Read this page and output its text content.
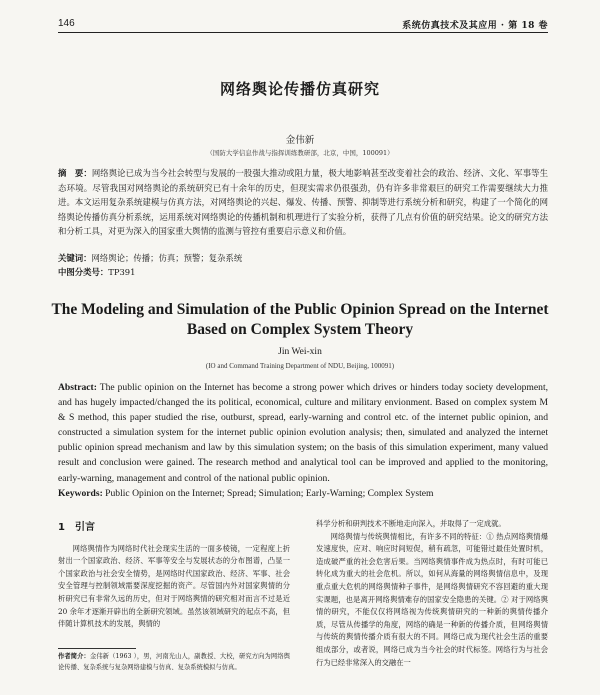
146	系统仿真技术及其应用 · 第 18 卷
网络舆论传播仿真研究
金伟新
（国防大学信息作战与指挥训练教研部，北京，中国，100091）
摘　要：网络舆论已成为当今社会转型与发展的一股强大推动或阻力量，极大地影响甚至改变着社会的政治、经济、文化、军事等生态环境。尽管我国对网络舆论的系统研究已有十余年的历史，但现实需求仍很强劲，仍有许多非常艰巨的研究工作需要继续大力推进。本文运用复杂系统建模与仿真方法，对网络舆论的兴起、爆发、传播、预警、抑制等进行系统分析和研究，构建了一个简化的网络舆论传播仿真分析系统，运用系统对网络舆论的传播机制和机理进行了实验分析，获得了几点有价值的研究结果。论文的研究方法和分析工具，对更为深入的国家重大舆情的监测与管控有重要启示意义和价值。
关键词：网络舆论；传播；仿真；预警；复杂系统
中图分类号：TP391
The Modeling and Simulation of the Public Opinion Spread on the Internet Based on Complex System Theory
Jin Wei-xin
(IO and Command Training Department of NDU, Beijing, 100091)
Abstract: The public opinion on the Internet has become a strong power which drives or hinders today society development, and has hugely impacted/changed the its political, economical, culture and military envionment. Based on complex system M & S method, this paper studied the rise, outburst, spread, early-warning and control etc. of the internet public opinion, and constructed a simulation system for the internet public opinion evolution analysis; then, simulated and analyzed the internet public opinion spread mechanism and law by this simulation system; on the basis of this simulation experiment, many valued result and conclusion were gained. The research method and analytical tool can be improved and applied to the monitoring, early-warning, management and control of the national public opinion.
Keywords: Public Opinion on the Internet; Spread; Simulation; Early-Warning; Complex System
1 引言

网络舆情作为网络时代社会现实生活的一面多棱镜，一定程度上折射出一个国家政治、经济、军事等安全与发展状态的分布图谱，凸显一个国家政治与社会安全情势，是网络时代国家政治、经济、军事、社会安全管理与控制领域需要深度挖掘的资产。尽管国内外对国家舆情的分析研究已有非常久远的历史，但对于网络舆情的研究相对而言不过是近 20 余年才逐渐开辟出的全新研究领域。虽然该领域研究的起点不高，但伴随计算机技术的发展，舆情的

科学分析和研判技术不断地走向深入，并取得了一定成就。

网络舆情与传统舆情相比，有许多不同的特征：① 热点网络舆情爆发速度快，应对、响应时间短促，稍有疏忽，可能错过最佳处置时机，造成破严重的社会危害后果。当网络舆情事件成为热点时，有时可能已转化成为重大的社会危机。所以，如何从海量的网络舆情信息中，及现重点重大危机的网络舆情种子事件，是网络舆情研究不容回避的重大现实课题，也是离开网络舆情难存的国家安全隐患的关键。② 对于网络舆情的研究，不能仅仅将网络视为传统舆情研究的一种新的舆情传播介质，尽管从传播学的角度，网络的确是一种新的传播介质，但网络舆情与传统的舆情传播介质有很大的不同。网络已成为现代社会生活的重要组成部分，或者说，网络已成为当今社会的时代标签。网络行为与社会行为已经非常深入的交融在一

作者简介：金伟新（1963 ），男，河南光山人，副教授、大校，研究方向为网络舆论传播、复杂系统与复杂网络建模与仿真、复杂系统模拟与仿真。
